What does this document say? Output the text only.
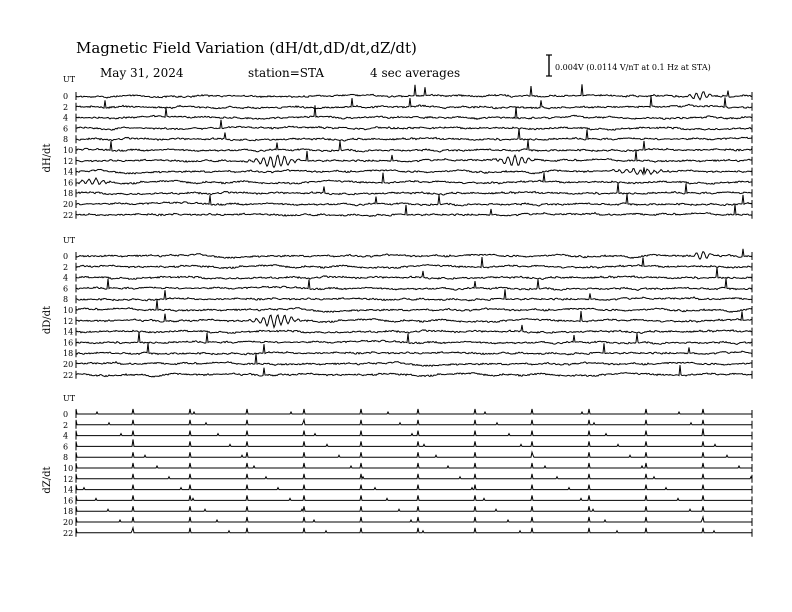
Magnetic Field Variation (dH/dt,dD/dt,dZ/dt)
May 31, 2024	station=STA	4 sec averages	0.004V (0.0114 V/nT at 0.1 Hz at STA)
UT
dH/dt
0
2
4
6
8
10
12
14
16
18
20
22
UT
dD/dt
0
2
4
6
8
10
12
14
16
18
20
22
UT
dZ/dt
0
2
4
6
8
10
12
14
16
18
20
22
